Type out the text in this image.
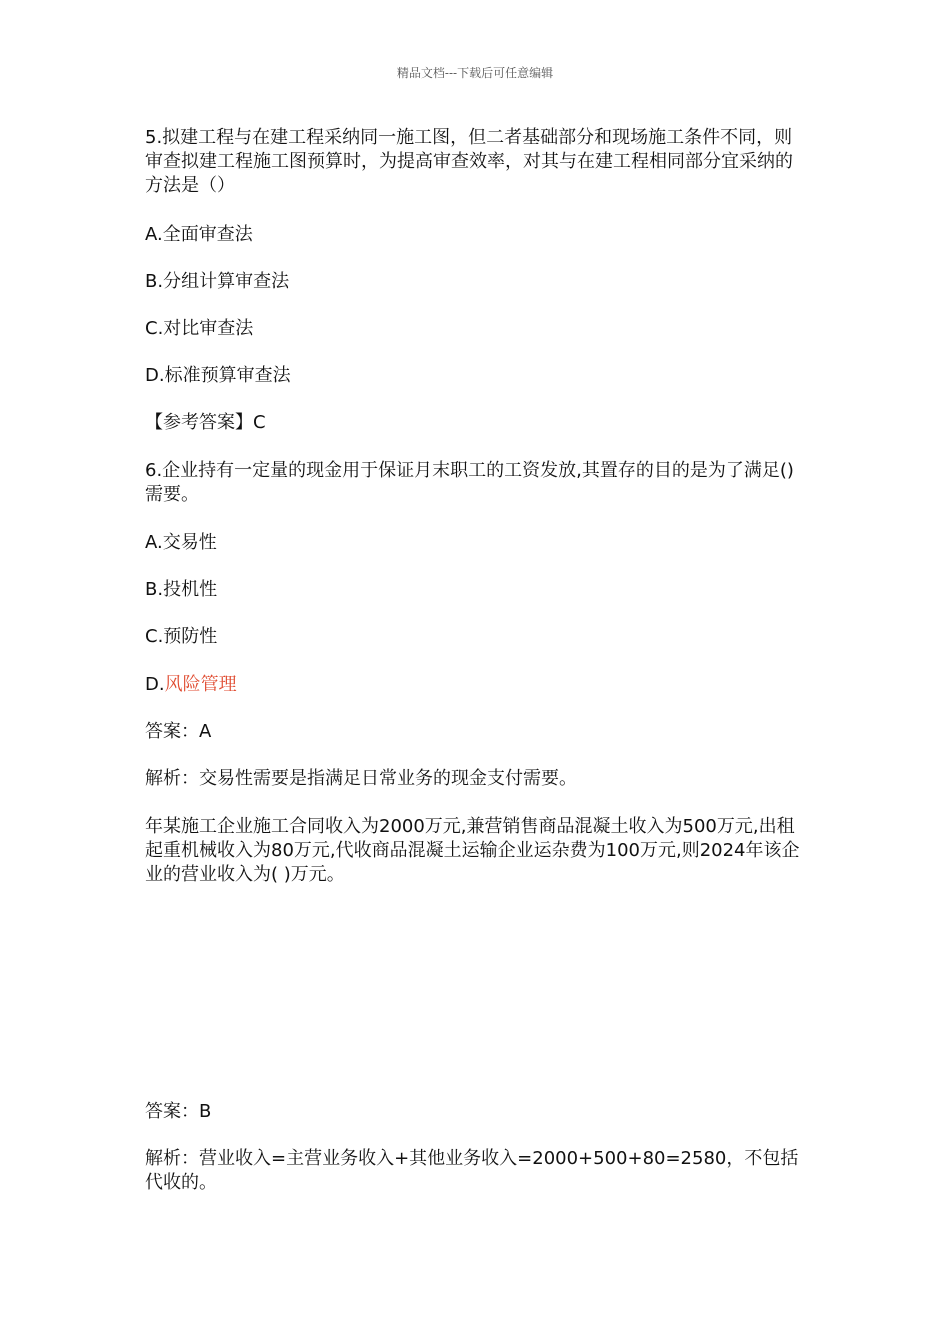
精品文档---下载后可任意编辑
5.拟建工程与在建工程采纳同一施工图，但二者基础部分和现场施工条件不同，则审查拟建工程施工图预算时，为提高审查效率，对其与在建工程相同部分宜采纳的方法是（）
A.全面审查法
B.分组计算审查法
C.对比审查法
D.标准预算审查法
【参考答案】C
6.企业持有一定量的现金用于保证月末职工的工资发放,其置存的目的是为了满足()需要。
A.交易性
B.投机性
C.预防性
D.风险管理
答案：A
解析：交易性需要是指满足日常业务的现金支付需要。
年某施工企业施工合同收入为2000万元,兼营销售商品混凝土收入为500万元,出租起重机械收入为80万元,代收商品混凝土运输企业运杂费为100万元,则2024年该企业的营业收入为( )万元。
答案：B
解析：营业收入=主营业务收入+其他业务收入=2000+500+80=2580，不包括代收的。
